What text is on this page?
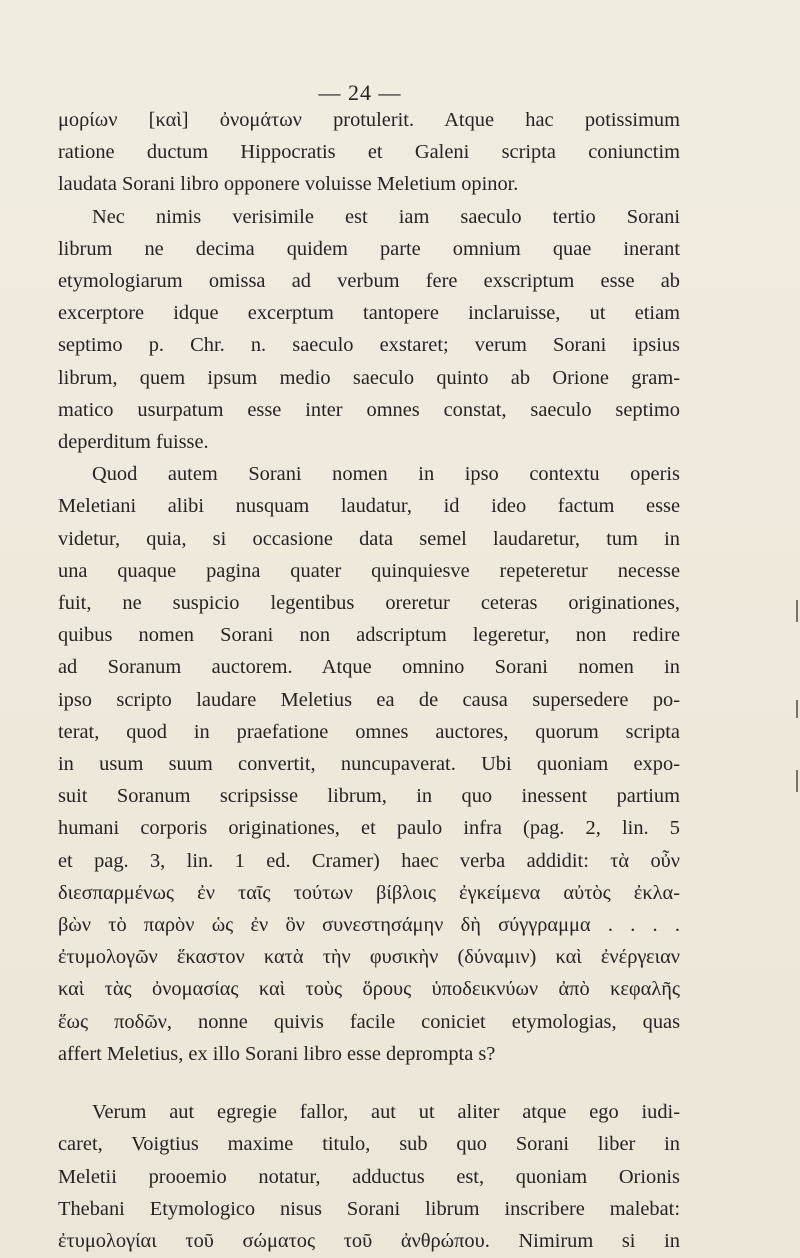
— 24 —
μορίων [καὶ] ὀνομάτων protulerit. Atque hac potissimum
ratione ductum Hippocratis et Galeni scripta coniunctim
laudata Sorani libro opponere voluisse Meletium opinor.
Nec nimis verisimile est iam saeculo tertio Sorani
librum ne decima quidem parte omnium quae inerant
etymologiarum omissa ad verbum fere exscriptum esse ab
excerptore idque excerptum tantopere inclaruisse, ut etiam
septimo p. Chr. n. saeculo exstaret; verum Sorani ipsius
librum, quem ipsum medio saeculo quinto ab Orione gram-
matico usurpatum esse inter omnes constat, saeculo septimo
deperditum fuisse.
Quod autem Sorani nomen in ipso contextu operis
Meletiani alibi nusquam laudatur, id ideo factum esse
videtur, quia, si occasione data semel laudaretur, tum in
una quaque pagina quater quinquiesve repeteretur necesse
fuit, ne suspicio legentibus oreretur ceteras originationes,
quibus nomen Sorani non adscriptum legeretur, non redire
ad Soranum auctorem. Atque omnino Sorani nomen in
ipso scripto laudare Meletius ea de causa supersedere po-
terat, quod in praefatione omnes auctores, quorum scripta
in usum suum convertit, nuncupaverat. Ubi quoniam expo-
suit Soranum scripsisse librum, in quo inessent partium
humani corporis originationes, et paulo infra (pag. 2, lin. 5
et pag. 3, lin. 1 ed. Cramer) haec verba addidit: τὰ οὖν
διεσπαρμένως ἐν ταῖς τούτων βίβλοις ἐγκείμενα αὐτὸς ἐκλα-
βὼν τὸ παρὸν ὡς ἐν ὃν συνεστησάμην δὴ σύγγραμμα . . . .
ἐτυμολογῶν ἕκαστον κατὰ τὴν φυσικὴν (δύναμιν) καὶ ἐνέργειαν
καὶ τὰς ὀνομασίας καὶ τοὺς ὅρους ὑποδεικνύων ἀπὸ κεφαλῆς
ἕως ποδῶν, nonne quivis facile coniciet etymologias, quas
affert Meletius, ex illo Sorani libro esse deprompta s?
Verum aut egregie fallor, aut ut aliter atque ego iudi-
caret, Voigtius maxime titulo, sub quo Sorani liber in
Meletii prooemio notatur, adductus est, quoniam Orionis
Thebani Etymologico nisus Sorani librum inscribere malebat:
ἐτυμολογίαι τοῦ σώματος τοῦ ἀνθρώπου. Nimirum si in
